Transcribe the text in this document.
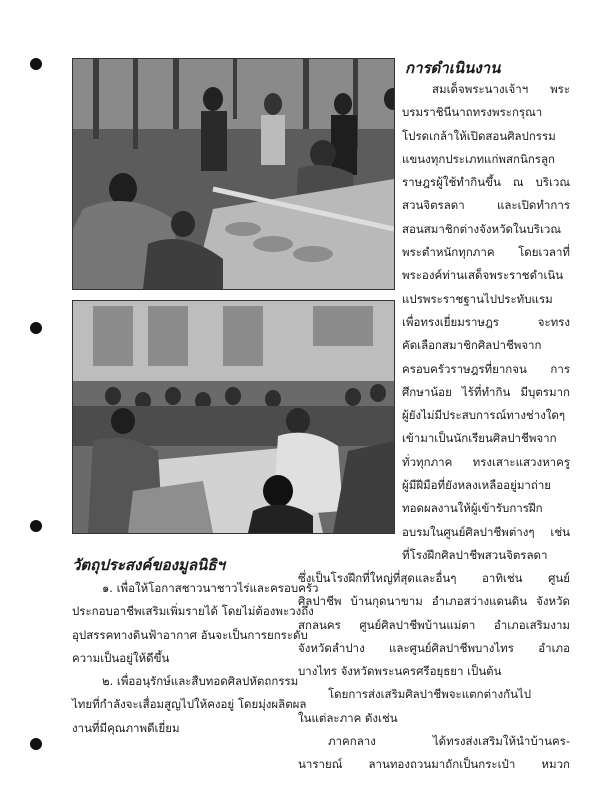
การดำเนินงาน
สมเด็จพระนางเจ้าฯ พระ
บรมราชินีนาถทรงพระกรุณา
โปรดเกล้าให้เปิดสอนศิลปกรรม
แขนงทุกประเภทแก่พสกนิกรลูก
ราษฎรผู้ใช้ทำกินขึ้น ณ บริเวณ
สวนจิตรลดา และเปิดทำการ
สอนสมาชิกต่างจังหวัดในบริเวณ
พระตำหนักทุกภาค โดยเวลาที่
พระองค์ท่านเสด็จพระราชดำเนิน
แปรพระราชฐานไปประทับแรม
เพื่อทรงเยี่ยมราษฎร จะทรง
คัดเลือกสมาชิกศิลปาชีพจาก
ครอบครัวราษฎรที่ยากจน การ
ศึกษาน้อย ไร้ที่ทำกิน มีบุตรมาก
ผู้ยังไม่มีประสบการณ์ทางช่างใดๆ
เข้ามาเป็นนักเรียนศิลปาชีพจาก
ทั่วทุกภาค ทรงเสาะแสวงหาครู
ผู้มีฝีมือที่ยังหลงเหลืออยู่มาถ่าย
ทอดผลงานให้ผู้เข้ารับการฝึก
อบรมในศูนย์ศิลปาชีพต่างๆ เช่น
ที่โรงฝึกศิลปาชีพสวนจิตรลดา
ซึ่งเป็นโรงฝึกที่ใหญ่ที่สุดและอื่นๆ อาทิเช่น ศูนย์
ศิลปาชีพ บ้านกุดนาขาม อำเภอสว่างแดนดิน จังหวัด
สกลนคร ศูนย์ศิลปาชีพบ้านแม่ตา อำเภอเสริมงาม
จังหวัดลำปาง และศูนย์ศิลปาชีพบางไทร อำเภอ
บางไทร จังหวัดพระนครศรีอยุธยา เป็นต้น
โดยการส่งเสริมศิลปาชีพจะแตกต่างกันไป
ในแต่ละภาค ดังเช่น
ภาคกลาง ได้ทรงส่งเสริมให้นำบ้านคร-
นารายณ์ ลานทองถวนมาถักเป็นกระเป๋า หมวก
วัตถุประสงค์ของมูลนิธิฯ
๑. เพื่อให้โอกาสชาวนาชาวไร่และครอบครัว
ประกอบอาชีพเสริมเพิ่มรายได้ โดยไม่ต้องพะวงถึง
อุปสรรคทางดินฟ้าอากาศ อันจะเป็นการยกระดับ
ความเป็นอยู่ให้ดีขึ้น
๒. เพื่ออนุรักษ์และสืบทอดศิลปหัตถกรรม
ไทยที่กำลังจะเสื่อมสูญไปให้คงอยู่ โดยมุ่งผลิตผล
งานที่มีคุณภาพดีเยี่ยม
